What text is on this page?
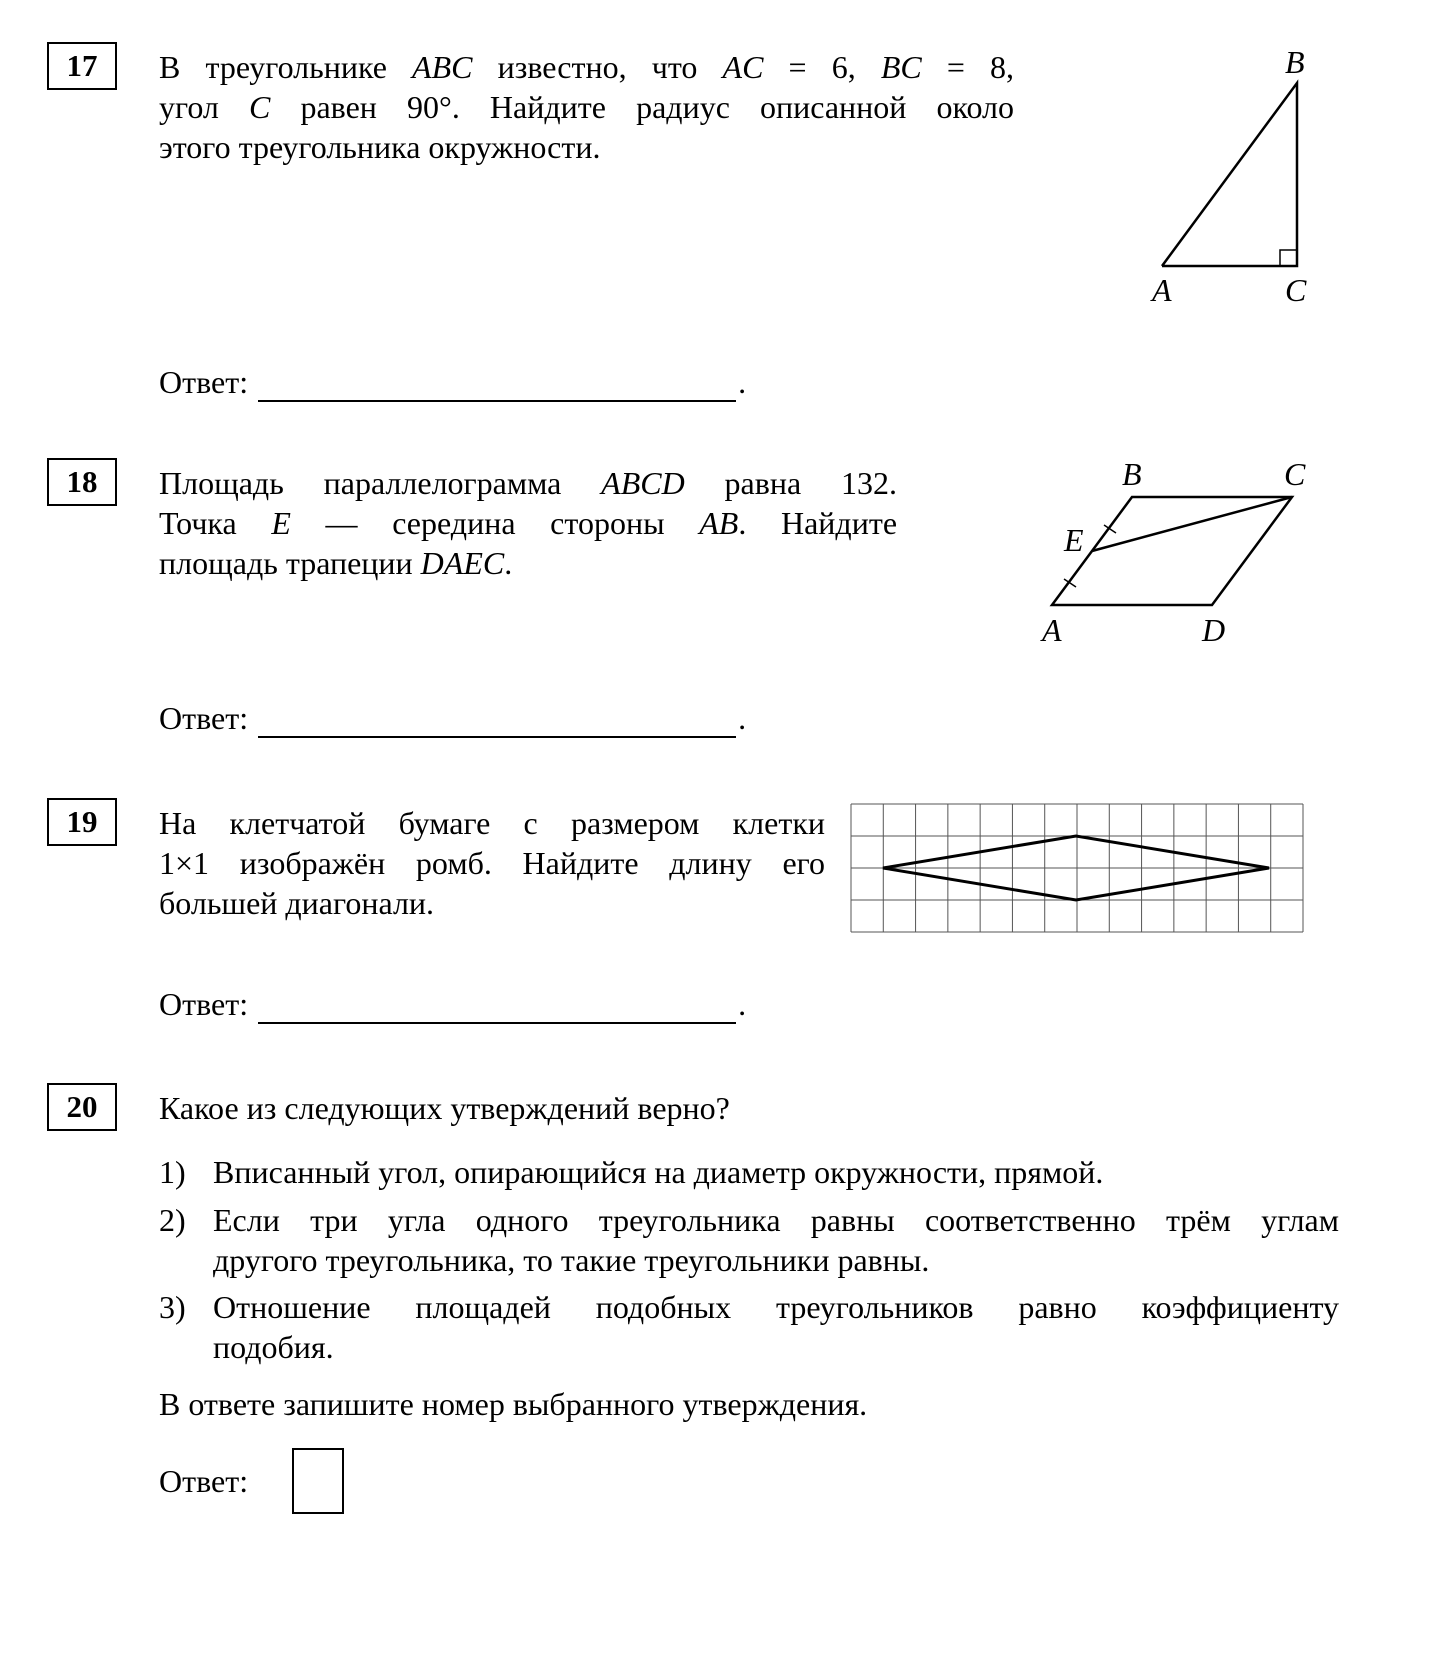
17	В треугольнике ABC известно, что AC = 6, BC = 8,
угол C равен 90°. Найдите радиус описанной около
этого треугольника окружности.
B
A	C
Ответ:	.
18	Площадь параллелограмма ABCD равна 132.
Точка E — середина стороны AB. Найдите
площадь трапеции DAEC.
B	C
E
A	D
Ответ:	.
19	На клетчатой бумаге с размером клетки
1×1 изображён ромб. Найдите длину его
большей диагонали.
Ответ:	.
20	Какое из следующих утверждений верно?
1) Вписанный угол, опирающийся на диаметр окружности, прямой.
2) Если три угла одного треугольника равны соответственно трём углам
другого треугольника, то такие треугольники равны.
3) Отношение площадей подобных треугольников равно коэффициенту
подобия.
В ответе запишите номер выбранного утверждения.
Ответ:
